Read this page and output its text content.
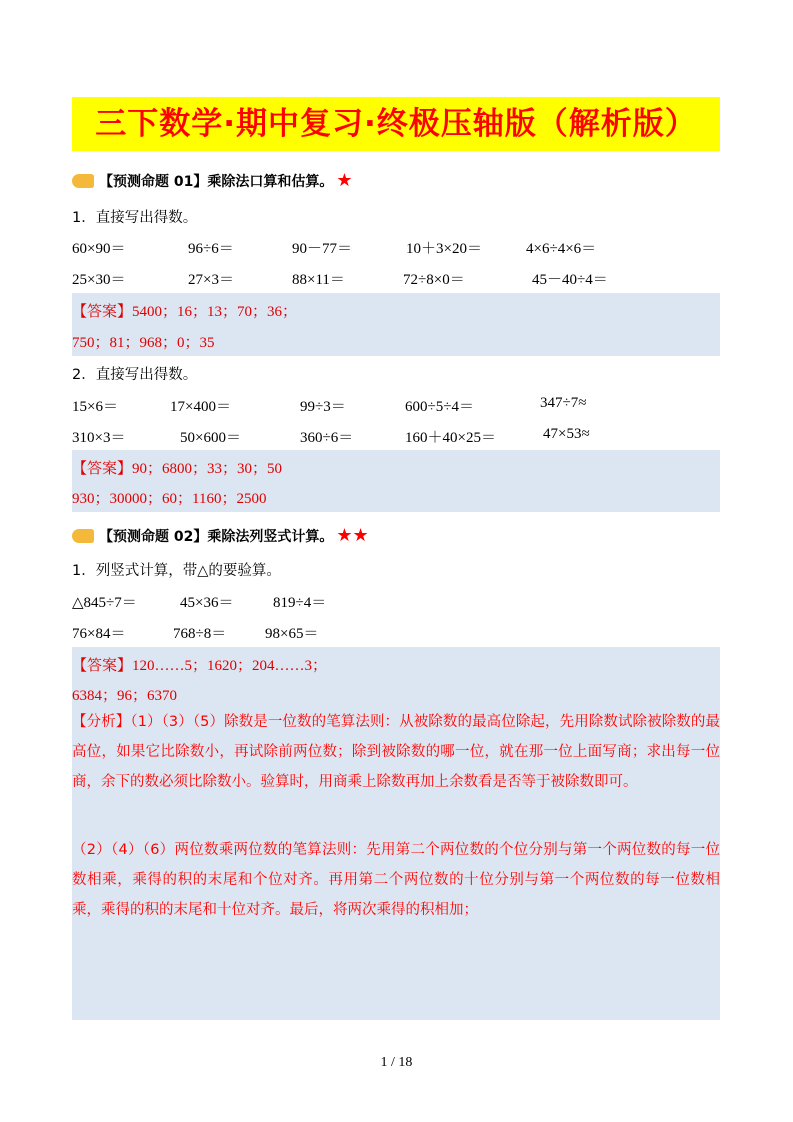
三下数学·期中复习·终极压轴版（解析版）
【预测命题 01】乘除法口算和估算。 ★
1．直接写出得数。
60×90＝	96÷6＝	90－77＝	10＋3×20＝	4×6÷4×6＝
25×30＝	27×3＝	88×11＝	72÷8×0＝	45－40÷4＝
【答案】5400；16；13；70；36；
750；81；968；0；35
2．直接写出得数。
15×6＝	17×400＝	99÷3＝	600÷5÷4＝	347÷7≈
310×3＝	50×600＝	360÷6＝	160＋40×25＝	47×53≈
【答案】90；6800；33；30；50
930；30000；60；1160；2500
【预测命题 02】乘除法列竖式计算。 ★★
1．列竖式计算，带△的要验算。
△845÷7＝	45×36＝	819÷4＝
76×84＝	768÷8＝	98×65＝
【答案】120……5；1620；204……3；
6384；96；6370
【分析】（1）（3）（5）除数是一位数的笔算法则：从被除数的最高位除起，先用除数试除被除数的最高位，如果它比除数小，再试除前两位数；除到被除数的哪一位，就在那一位上面写商；求出每一位商，余下的数必须比除数小。验算时，用商乘上除数再加上余数看是否等于被除数即可。
（2）（4）（6）两位数乘两位数的笔算法则：先用第二个两位数的个位分别与第一个两位数的每一位数相乘，乘得的积的末尾和个位对齐。再用第二个两位数的十位分别与第一个两位数的每一位数相乘，乘得的积的末尾和十位对齐。最后，将两次乘得的积相加；
1 / 18
